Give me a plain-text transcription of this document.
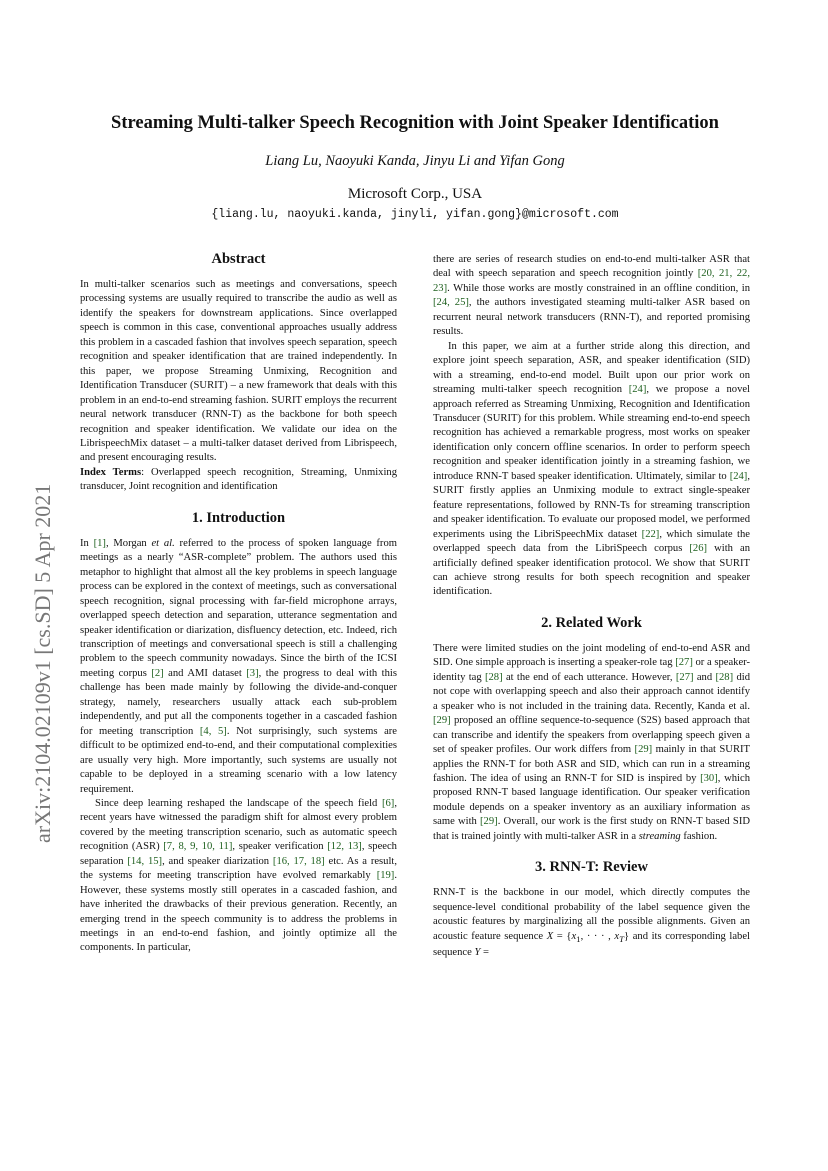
arXiv:2104.02109v1 [cs.SD] 5 Apr 2021
Streaming Multi-talker Speech Recognition with Joint Speaker Identification
Liang Lu, Naoyuki Kanda, Jinyu Li and Yifan Gong
Microsoft Corp., USA
{liang.lu, naoyuki.kanda, jinyli, yifan.gong}@microsoft.com
Abstract

In multi-talker scenarios such as meetings and conversations, speech processing systems are usually required to transcribe the audio as well as identify the speakers for downstream applications. Since overlapped speech is common in this case, conventional approaches usually address this problem in a cascaded fashion that involves speech separation, speech recognition and speaker identification that are trained independently. In this paper, we propose Streaming Unmixing, Recognition and Identification Transducer (SURIT) – a new framework that deals with this problem in an end-to-end streaming fashion. SURIT employs the recurrent neural network transducer (RNN-T) as the backbone for both speech recognition and speaker identification. We validate our idea on the LibrispeechMix dataset – a multi-talker dataset derived from Librispeech, and present encouraging results.

Index Terms: Overlapped speech recognition, Streaming, Unmixing transducer, Joint recognition and identification

1. Introduction

In [1], Morgan et al. referred to the process of spoken language from meetings as a nearly “ASR-complete” problem. The authors used this metaphor to highlight that almost all the key problems in speech language process can be explored in the context of meetings, such as conversational speech recognition, signal processing with far-field microphone arrays, overlapped speech detection and separation, utterance segmentation and speaker identification or diarization, disfluency detection, etc. Indeed, rich transcription of meetings and conversational speech is still a challenging problem to the speech community nowadays. Since the birth of the ICSI meeting corpus [2] and AMI dataset [3], the progress to deal with this challenge has been made mainly by following the divide-and-conquer strategy, namely, researchers usually attack each sub-problem independently, and put all the components together in a cascaded fashion for meeting transcription [4, 5]. Not surprisingly, such systems are difficult to be optimized end-to-end, and their computational complexities are usually very high. More importantly, such systems are usually not capable to be deployed in a streaming scenario with a low latency requirement.

Since deep learning reshaped the landscape of the speech field [6], recent years have witnessed the paradigm shift for almost every problem covered by the meeting transcription scenario, such as automatic speech recognition (ASR) [7, 8, 9, 10, 11], speaker verification [12, 13], speech separation [14, 15], and speaker diarization [16, 17, 18] etc. As a result, the systems for meeting transcription have evolved remarkably [19]. However, these systems mostly still operates in a cascaded fashion, and have inherited the drawbacks of their previous generation. Recently, an emerging trend in the speech community is to address the problems in meetings in an end-to-end fashion, and jointly optimize all the components. In particular,

there are series of research studies on end-to-end multi-talker ASR that deal with speech separation and speech recognition jointly [20, 21, 22, 23]. While those works are mostly constrained in an offline condition, in [24, 25], the authors investigated steaming multi-talker ASR based on recurrent neural network transducers (RNN-T), and reported promising results.

In this paper, we aim at a further stride along this direction, and explore joint speech separation, ASR, and speaker identification (SID) with a streaming, end-to-end model. Built upon our prior work on streaming multi-talker speech recognition [24], we propose a novel approach referred as Streaming Unmixing, Recognition and Identification Transducer (SURIT) for this problem. While streaming end-to-end speech recognition has achieved a remarkable progress, most works on speaker identification only concern offline scenarios. In order to perform speech recognition and speaker identification jointly in a streaming fashion, we introduce RNN-T based speaker identification. Ultimately, similar to [24], SURIT firstly applies an Unmixing module to extract single-speaker feature representations, followed by RNN-Ts for streaming transcription and speaker identification. To evaluate our proposed model, we performed experiments using the LibriSpeechMix dataset [22], which simulate the overlapped speech data from the LibriSpeech corpus [26] with an artificially defined speaker identification protocol. We show that SURIT can achieve strong results for both speech recognition and speaker identification.

2. Related Work

There were limited studies on the joint modeling of end-to-end ASR and SID. One simple approach is inserting a speaker-role tag [27] or a speaker-identity tag [28] at the end of each utterance. However, [27] and [28] did not cope with overlapping speech and also their approach cannot identify a speaker who is not included in the training data. Recently, Kanda et al. [29] proposed an offline sequence-to-sequence (S2S) based approach that can transcribe and identify the speakers from overlapping speech given a set of speaker profiles. Our work differs from [29] mainly in that SURIT applies the RNN-T for both ASR and SID, which can run in a streaming fashion. The idea of using an RNN-T for SID is inspired by [30], which proposed RNN-T based language identification. Our speaker verification module depends on a speaker inventory as an auxiliary information as same with [29]. Overall, our work is the first study on RNN-T based SID that is trained jointly with multi-talker ASR in a streaming fashion.

3. RNN-T: Review

RNN-T is the backbone in our model, which directly computes the sequence-level conditional probability of the label sequence given the acoustic features by marginalizing all the possible alignments. Given an acoustic feature sequence $X = \{x_1$, · · · , $x_T$} and its corresponding label sequence Y =
